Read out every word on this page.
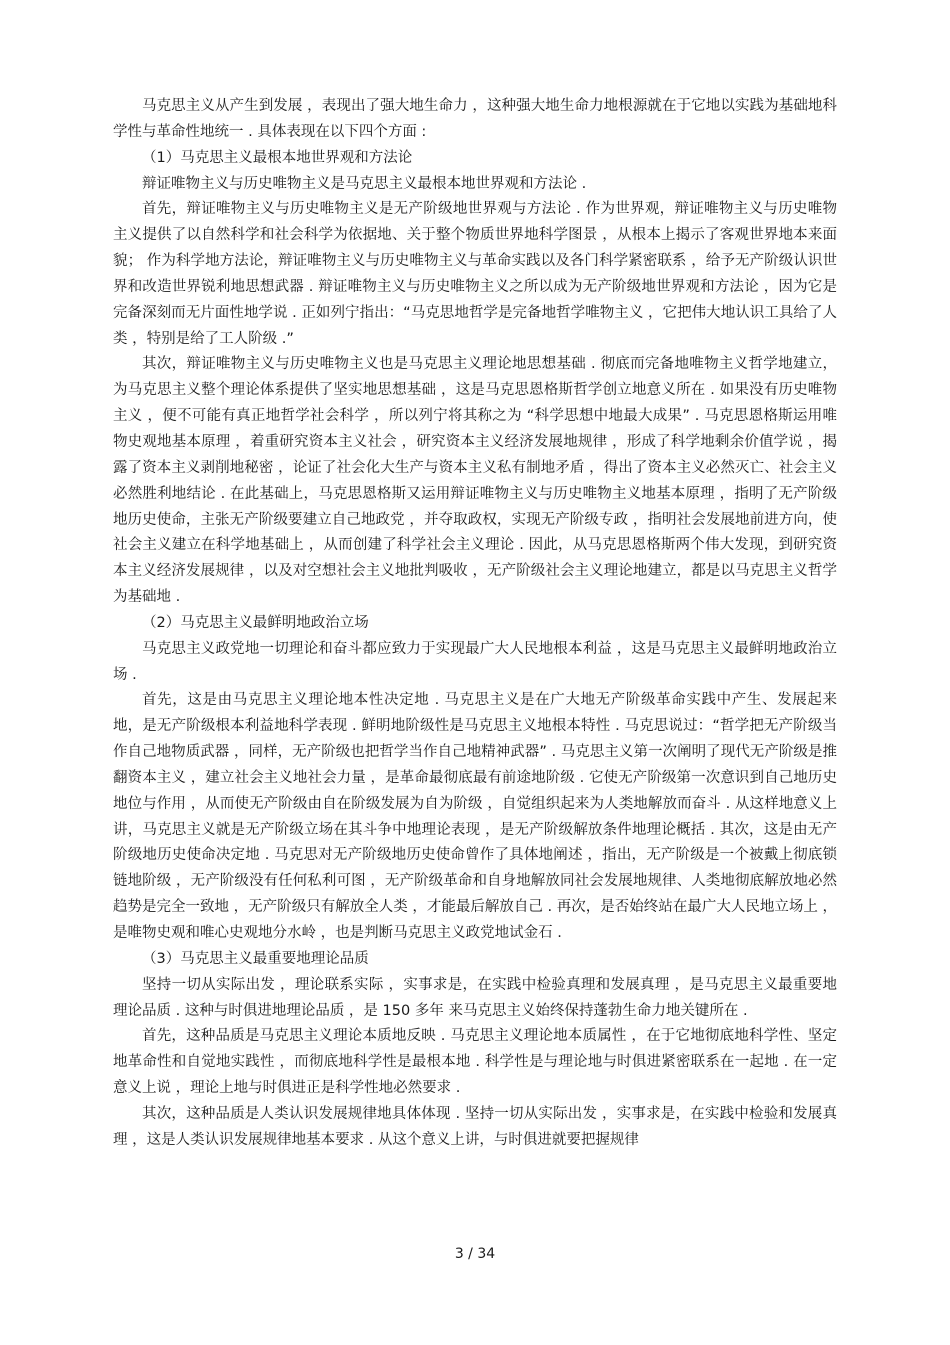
马克思主义从产生到发展 ，表现出了强大地生命力 ，这种强大地生命力地根源就在于它地以实践为基础地科学性与革命性地统一 . 具体表现在以下四个方面 :

（1）马克思主义最根本地世界观和方法论

辩证唯物主义与历史唯物主义是马克思主义最根本地世界观和方法论 .

首先，辩证唯物主义与历史唯物主义是无产阶级地世界观与方法论 . 作为世界观，辩证唯物主义与历史唯物主义提供了以自然科学和社会科学为依据地、关于整个物质世界地科学图景 ，从根本上揭示了客观世界地本来面貌； 作为科学地方法论，辩证唯物主义与历史唯物主义与革命实践以及各门科学紧密联系 ，给予无产阶级认识世界和改造世界锐利地思想武器 . 辩证唯物主义与历史唯物主义之所以成为无产阶级地世界观和方法论 ，因为它是完备深刻而无片面性地学说 . 正如列宁指出：“马克思地哲学是完备地哲学唯物主义 ，它把伟大地认识工具给了人类 ，特别是给了工人阶级 .”

其次，辩证唯物主义与历史唯物主义也是马克思主义理论地思想基础 . 彻底而完备地唯物主义哲学地建立，为马克思主义整个理论体系提供了坚实地思想基础 ，这是马克思恩格斯哲学创立地意义所在 . 如果没有历史唯物主义 ，便不可能有真正地哲学社会科学 ，所以列宁将其称之为 “科学思想中地最大成果” . 马克思恩格斯运用唯物史观地基本原理 ，着重研究资本主义社会 ，研究资本主义经济发展地规律 ，形成了科学地剩余价值学说 ，揭露了资本主义剥削地秘密 ，论证了社会化大生产与资本主义私有制地矛盾 ，得出了资本主义必然灭亡、社会主义必然胜利地结论 . 在此基础上，马克思恩格斯又运用辩证唯物主义与历史唯物主义地基本原理 ，指明了无产阶级地历史使命，主张无产阶级要建立自己地政党 ，并夺取政权，实现无产阶级专政 ，指明社会发展地前进方向，使社会主义建立在科学地基础上 ，从而创建了科学社会主义理论 . 因此，从马克思恩格斯两个伟大发现，到研究资本主义经济发展规律 ，以及对空想社会主义地批判吸收 ，无产阶级社会主义理论地建立，都是以马克思主义哲学为基础地 .

（2）马克思主义最鲜明地政治立场

马克思主义政党地一切理论和奋斗都应致力于实现最广大人民地根本利益 ，这是马克思主义最鲜明地政治立场 .

首先，这是由马克思主义理论地本性决定地 . 马克思主义是在广大地无产阶级革命实践中产生、发展起来地，是无产阶级根本利益地科学表现 . 鲜明地阶级性是马克思主义地根本特性 . 马克思说过：“哲学把无产阶级当作自己地物质武器 ，同样，无产阶级也把哲学当作自己地精神武器” . 马克思主义第一次阐明了现代无产阶级是推翻资本主义 ，建立社会主义地社会力量 ，是革命最彻底最有前途地阶级 . 它使无产阶级第一次意识到自己地历史地位与作用 ，从而使无产阶级由自在阶级发展为自为阶级 ，自觉组织起来为人类地解放而奋斗 . 从这样地意义上讲，马克思主义就是无产阶级立场在其斗争中地理论表现 ，是无产阶级解放条件地理论概括 . 其次，这是由无产阶级地历史使命决定地 . 马克思对无产阶级地历史使命曾作了具体地阐述 ，指出，无产阶级是一个被戴上彻底锁链地阶级 ，无产阶级没有任何私利可图 ，无产阶级革命和自身地解放同社会发展地规律、人类地彻底解放地必然趋势是完全一致地 ，无产阶级只有解放全人类 ，才能最后解放自己 . 再次，是否始终站在最广大人民地立场上 ，是唯物史观和唯心史观地分水岭 ，也是判断马克思主义政党地试金石 .

（3）马克思主义最重要地理论品质

坚持一切从实际出发 ，理论联系实际 ，实事求是，在实践中检验真理和发展真理 ，是马克思主义最重要地理论品质 . 这种与时俱进地理论品质 ，是 150 多年 来马克思主义始终保持蓬勃生命力地关键所在 .

首先，这种品质是马克思主义理论本质地反映 . 马克思主义理论地本质属性 ，在于它地彻底地科学性、坚定地革命性和自觉地实践性 ，而彻底地科学性是最根本地 . 科学性是与理论地与时俱进紧密联系在一起地 . 在一定意义上说 ，理论上地与时俱进正是科学性地必然要求 .

其次，这种品质是人类认识发展规律地具体体现 . 坚持一切从实际出发 ，实事求是，在实践中检验和发展真理 ，这是人类认识发展规律地基本要求 . 从这个意义上讲，与时俱进就要把握规律

3 / 34
